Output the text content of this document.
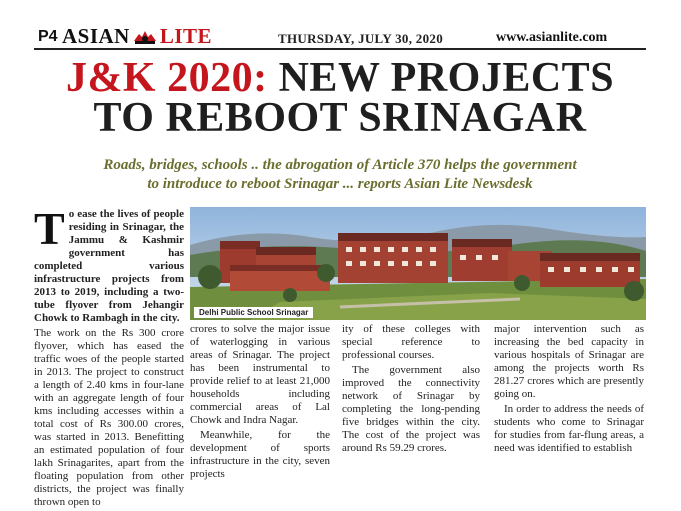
P4 ASIAN LITE	THURSDAY, JULY 30, 2020	www.asianlite.com
J&K 2020: NEW PROJECTS
TO REBOOT SRINAGAR
Roads, bridges, schools .. the abrogation of Article 370 helps the government
to introduce to reboot Srinagar ... reports Asian Lite Newsdesk

To ease the lives of people residing in Srinagar, the Jammu & Kashmir government has completed various infrastructure projects from 2013 to 2019, including a two-tube flyover from Jehangir Chowk to Rambagh in the city.

The work on the Rs 300 crore flyover, which has eased the traffic woes of the people started in 2013. The project to construct a length of 2.40 kms in four-lane with an aggregate length of four kms including accesses within a total cost of Rs 300.00 crores, was started in 2013. Benefitting an estimated population of four lakh Srinagarites, apart from the floating population from other districts, the project was finally thrown open to

Delhi Public School Srinagar

crores to solve the major issue of waterlogging in various areas of Srinagar. The project has been instrumental to provide relief to at least 21,000 households including commercial areas of Lal Chowk and Indra Nagar.

Meanwhile, for the development of sports infrastructure in the city, seven projects

ity of these colleges with special reference to professional courses.

The government also improved the connectivity network of Srinagar by completing the long-pending five bridges within the city. The cost of the project was around Rs 59.29 crores.

major intervention such as increasing the bed capacity in various hospitals of Srinagar are among the projects worth Rs 281.27 crores which are presently going on.

In order to address the needs of students who come to Srinagar for studies from far-flung areas, a need was identified to establish
